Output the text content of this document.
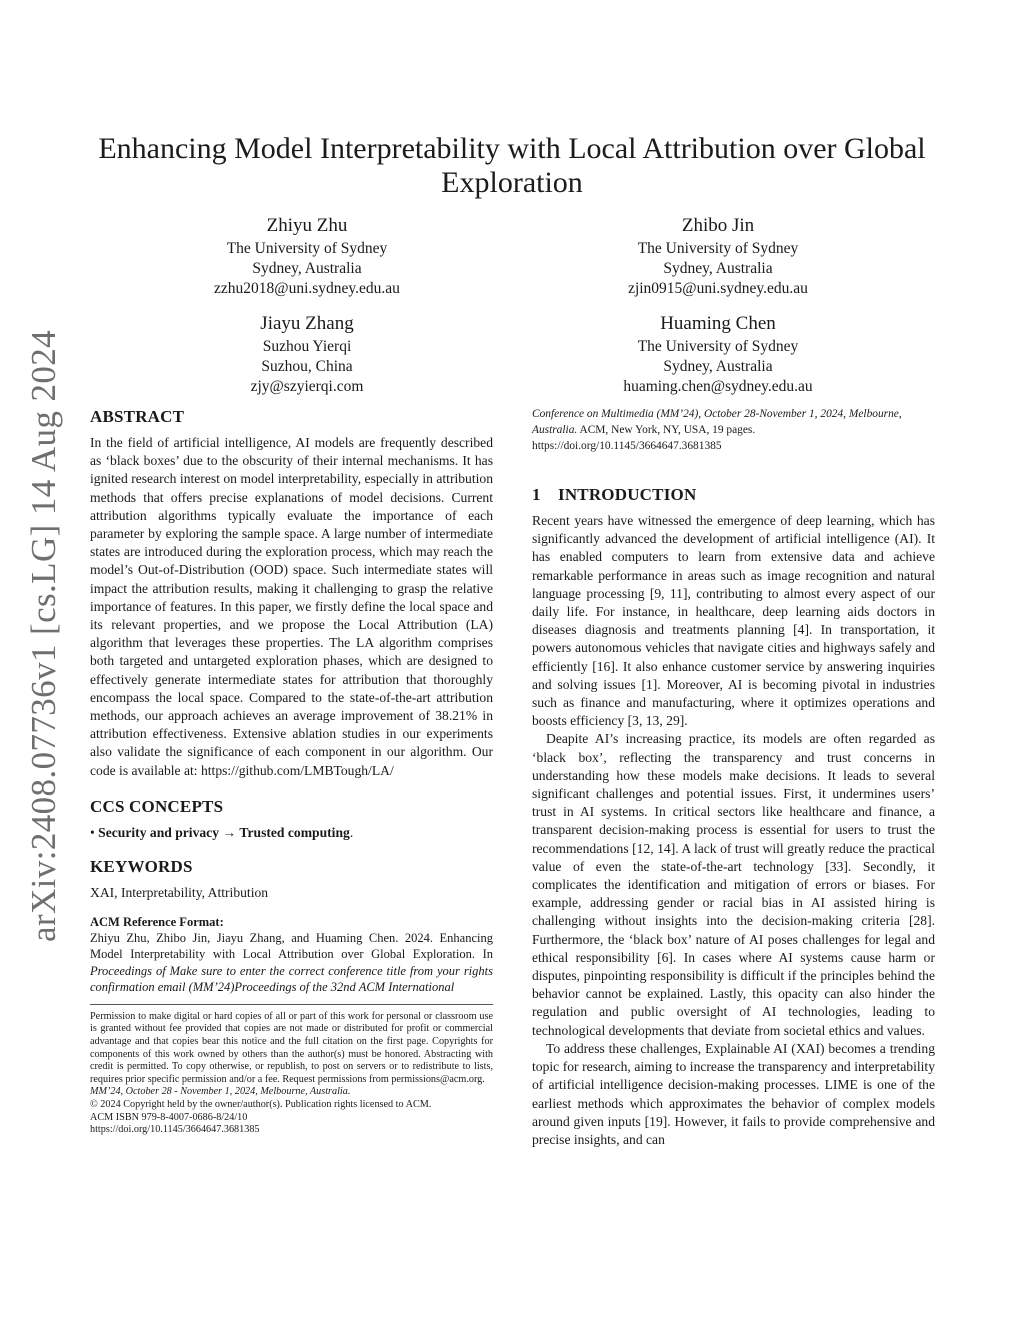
arXiv:2408.07736v1 [cs.LG] 14 Aug 2024
Enhancing Model Interpretability with Local Attribution over Global Exploration
Zhiyu Zhu
The University of Sydney
Sydney, Australia
zzhu2018@uni.sydney.edu.au
Zhibo Jin
The University of Sydney
Sydney, Australia
zjin0915@uni.sydney.edu.au
Jiayu Zhang
Suzhou Yierqi
Suzhou, China
zjy@szyierqi.com
Huaming Chen
The University of Sydney
Sydney, Australia
huaming.chen@sydney.edu.au
ABSTRACT

In the field of artificial intelligence, AI models are frequently described as ‘black boxes’ due to the obscurity of their internal mechanisms. It has ignited research interest on model interpretability, especially in attribution methods that offers precise explanations of model decisions. Current attribution algorithms typically evaluate the importance of each parameter by exploring the sample space. A large number of intermediate states are introduced during the exploration process, which may reach the model’s Out-of-Distribution (OOD) space. Such intermediate states will impact the attribution results, making it challenging to grasp the relative importance of features. In this paper, we firstly define the local space and its relevant properties, and we propose the Local Attribution (LA) algorithm that leverages these properties. The LA algorithm comprises both targeted and untargeted exploration phases, which are designed to effectively generate intermediate states for attribution that thoroughly encompass the local space. Compared to the state-of-the-art attribution methods, our approach achieves an average improvement of 38.21% in attribution effectiveness. Extensive ablation studies in our experiments also validate the significance of each component in our algorithm. Our code is available at: https://github.com/LMBTough/LA/

CCS CONCEPTS

• Security and privacy → Trusted computing.

KEYWORDS

XAI, Interpretability, Attribution

ACM Reference Format:

Zhiyu Zhu, Zhibo Jin, Jiayu Zhang, and Huaming Chen. 2024. Enhancing Model Interpretability with Local Attribution over Global Exploration. In Proceedings of Make sure to enter the correct conference title from your rights confirmation email (MM’24)Proceedings of the 32nd ACM International

Permission to make digital or hard copies of all or part of this work for personal or classroom use is granted without fee provided that copies are not made or distributed for profit or commercial advantage and that copies bear this notice and the full citation on the first page. Copyrights for components of this work owned by others than the author(s) must be honored. Abstracting with credit is permitted. To copy otherwise, or republish, to post on servers or to redistribute to lists, requires prior specific permission and/or a fee. Request permissions from permissions@acm.org.

MM’24, October 28 - November 1, 2024, Melbourne, Australia.

© 2024 Copyright held by the owner/author(s). Publication rights licensed to ACM.

ACM ISBN 979-8-4007-0686-8/24/10

https://doi.org/10.1145/3664647.3681385

Conference on Multimedia (MM’24), October 28-November 1, 2024, Melbourne, Australia. ACM, New York, NY, USA, 19 pages. https://doi.org/10.1145/3664647.3681385

1 INTRODUCTION

Recent years have witnessed the emergence of deep learning, which has significantly advanced the development of artificial intelligence (AI). It has enabled computers to learn from extensive data and achieve remarkable performance in areas such as image recognition and natural language processing [9, 11], contributing to almost every aspect of our daily life. For instance, in healthcare, deep learning aids doctors in diseases diagnosis and treatments planning [4]. In transportation, it powers autonomous vehicles that navigate cities and highways safely and efficiently [16]. It also enhance customer service by answering inquiries and solving issues [1]. Moreover, AI is becoming pivotal in industries such as finance and manufacturing, where it optimizes operations and boosts efficiency [3, 13, 29].

Deapite AI’s increasing practice, its models are often regarded as ‘black box’, reflecting the transparency and trust concerns in understanding how these models make decisions. It leads to several significant challenges and potential issues. First, it undermines users’ trust in AI systems. In critical sectors like healthcare and finance, a transparent decision-making process is essential for users to trust the recommendations [12, 14]. A lack of trust will greatly reduce the practical value of even the state-of-the-art technology [33]. Secondly, it complicates the identification and mitigation of errors or biases. For example, addressing gender or racial bias in AI assisted hiring is challenging without insights into the decision-making criteria [28]. Furthermore, the ‘black box’ nature of AI poses challenges for legal and ethical responsibility [6]. In cases where AI systems cause harm or disputes, pinpointing responsibility is difficult if the principles behind the behavior cannot be explained. Lastly, this opacity can also hinder the regulation and public oversight of AI technologies, leading to technological developments that deviate from societal ethics and values.

To address these challenges, Explainable AI (XAI) becomes a trending topic for research, aiming to increase the transparency and interpretability of artificial intelligence decision-making processes. LIME is one of the earliest methods which approximates the behavior of complex models around given inputs [19]. However, it fails to provide comprehensive and precise insights, and can
